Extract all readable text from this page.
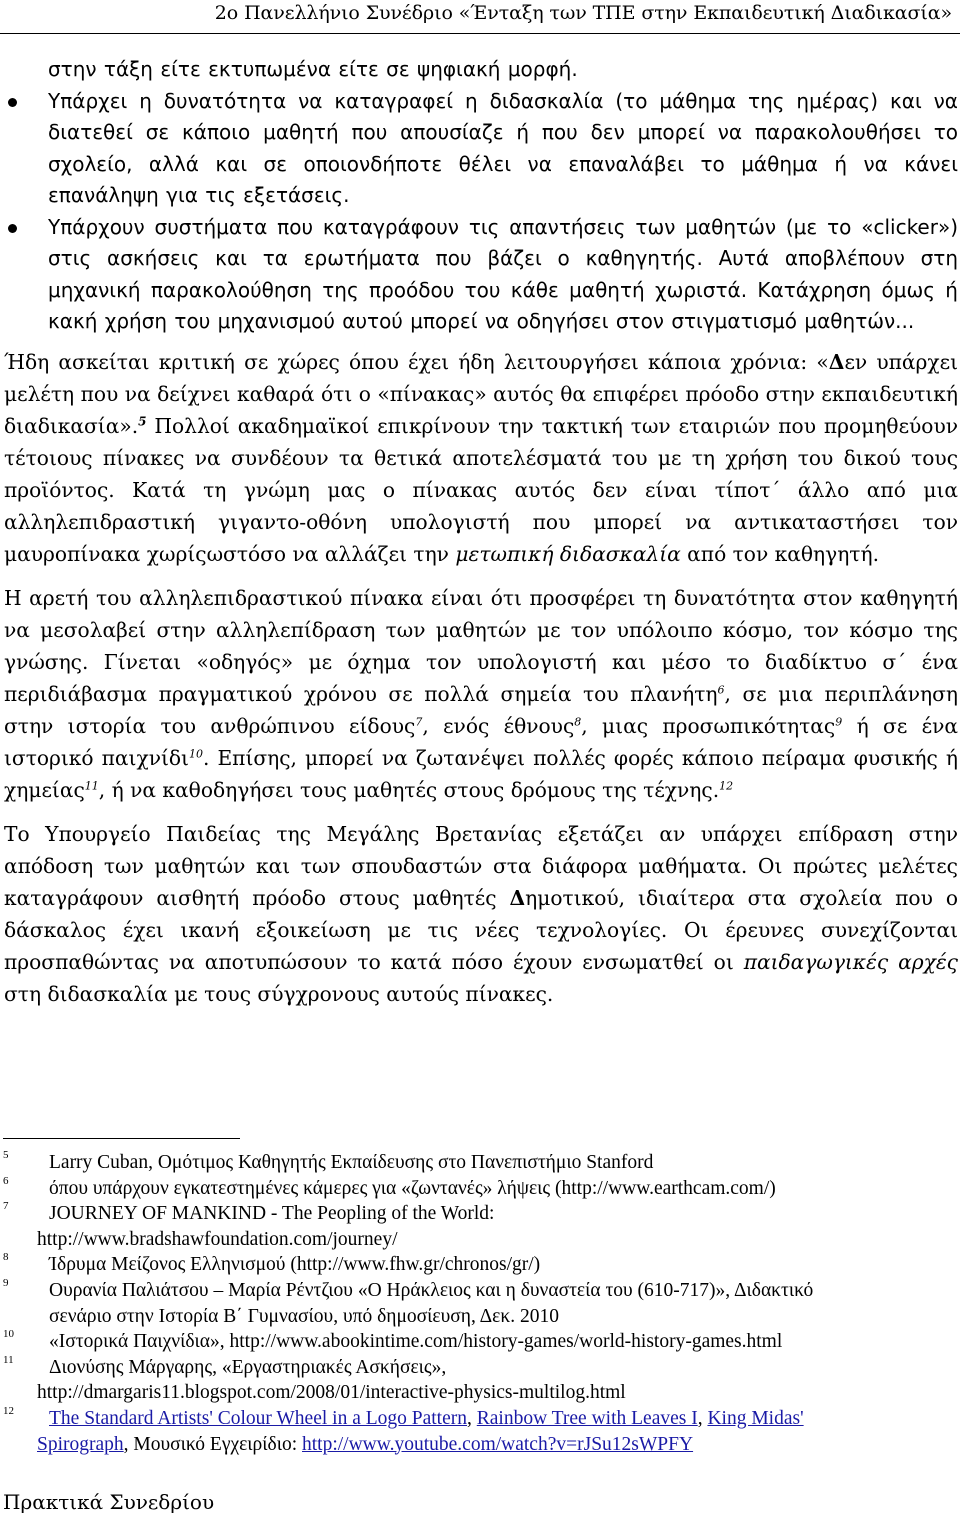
2ο Πανελλήνιο Συνέδριο «Ένταξη των ΤΠΕ στην Εκπαιδευτική Διαδικασία»

στην τάξη είτε εκτυπωμένα είτε σε ψηφιακή μορφή.

Υπάρχει η δυνατότητα να καταγραφεί η διδασκαλία (το μάθημα της ημέρας) και να διατεθεί σε κάποιο μαθητή που απουσίαζε ή που δεν μπορεί να παρακολουθήσει το σχολείο, αλλά και σε οποιονδήποτε θέλει να επαναλάβει το μάθημα ή να κάνει επανάληψη για τις εξετάσεις.
Υπάρχουν συστήματα που καταγράφουν τις απαντήσεις των μαθητών (με το «clicker») στις ασκήσεις και τα ερωτήματα που βάζει ο καθηγητής. Αυτά αποβλέπουν στη μηχανική παρακολούθηση της προόδου του κάθε μαθητή χωριστά. Κατάχρηση όμως ή κακή χρήση του μηχανισμού αυτού μπορεί να οδηγήσει στον στιγματισμό μαθητών...

Ήδη ασκείται κριτική σε χώρες όπου έχει ήδη λειτουργήσει κάποια χρόνια: «Δεν υπάρχει μελέτη που να δείχνει καθαρά ότι ο «πίνακας» αυτός θα επιφέρει πρόοδο στην εκπαιδευτική διαδικασία».$^5$ Πολλοί ακαδημαϊκοί επικρίνουν την τακτική των εταιριών που προμηθεύουν τέτοιους πίνακες να συνδέουν τα θετικά αποτελέσματά του με τη χρήση του δικού τους προϊόντος. Κατά τη γνώμη μας ο πίνακας αυτός δεν είναι τίποτ΄ άλλο από μια αλληλεπιδραστική γιγαντο-οθόνη υπολογιστή που μπορεί να αντικαταστήσει τον μαυροπίνακα χωρίςωστόσο να αλλάζει την μετωπική διδασκαλία από τον καθηγητή.

Η αρετή του αλληλεπιδραστικού πίνακα είναι ότι προσφέρει τη δυνατότητα στον καθηγητή να μεσολαβεί στην αλληλεπίδραση των μαθητών με τον υπόλοιπο κόσμο, τον κόσμο της γνώσης. Γίνεται «οδηγός» με όχημα τον υπολογιστή και μέσο το διαδίκτυο σ΄ ένα περιδιάβασμα πραγματικού χρόνου σε πολλά σημεία του πλανήτη$^6$, σε μια περιπλάνηση στην ιστορία του ανθρώπινου είδους$^7$, ενός έθνους$^8$, μιας προσωπικότητας$^9$ ή σε ένα ιστορικό παιχνίδι$^{10}$. Επίσης, μπορεί να ζωτανέψει πολλές φορές κάποιο πείραμα φυσικής ή χημείας$^{11}$, ή να καθοδηγήσει τους μαθητές στους δρόμους της τέχνης.$^{12}$

Το Υπουργείο Παιδείας της Μεγάλης Βρετανίας εξετάζει αν υπάρχει επίδραση στην απόδοση των μαθητών και των σπουδαστών στα διάφορα μαθήματα. Οι πρώτες μελέτες καταγράφουν αισθητή πρόοδο στους μαθητές Δημοτικού, ιδιαίτερα στα σχολεία που ο δάσκαλος έχει ικανή εξοικείωση με τις νέες τεχνολογίες. Οι έρευνες συνεχίζονται προσπαθώντας να αποτυπώσουν το κατά πόσο έχουν ενσωματθεί οι παιδαγωγικές αρχές στη διδασκαλία με τους σύγχρονους αυτούς πίνακες.

5 Larry Cuban, Ομότιμος Καθηγητής Εκπαίδευσης στο Πανεπιστήμιο Stanford
6 όπου υπάρχουν εγκατεστημένες κάμερες για «ζωντανές» λήψεις (http://www.earthcam.com/)
7 JOURNEY OF MANKIND - The Peopling of the World:
http://www.bradshawfoundation.com/journey/
8 Ίδρυμα Μείζονος Ελληνισμού (http://www.fhw.gr/chronos/gr/)
9 Ουρανία Παλιάτσου – Μαρία Ρέντζιου «Ο Ηράκλειος και η δυναστεία του (610-717)», Διδακτικό
σενάριο στην Ιστορία Β΄ Γυμνασίου, υπό δημοσίευση, Δεκ. 2010
10 «Ιστορικά Παιχνίδια», http://www.abookintime.com/history-games/world-history-games.html
11 Διονύσης Μάργαρης, «Εργαστηριακές Ασκήσεις»,
http://dmargaris11.blogspot.com/2008/01/interactive-physics-multilog.html
12 The Standard Artists' Colour Wheel in a Logo Pattern, Rainbow Tree with Leaves I, King Midas'
Spirograph, Μουσικό Εγχειρίδιο: http://www.youtube.com/watch?v=rJSu12sWPFY
Πρακτικά Συνεδρίου
